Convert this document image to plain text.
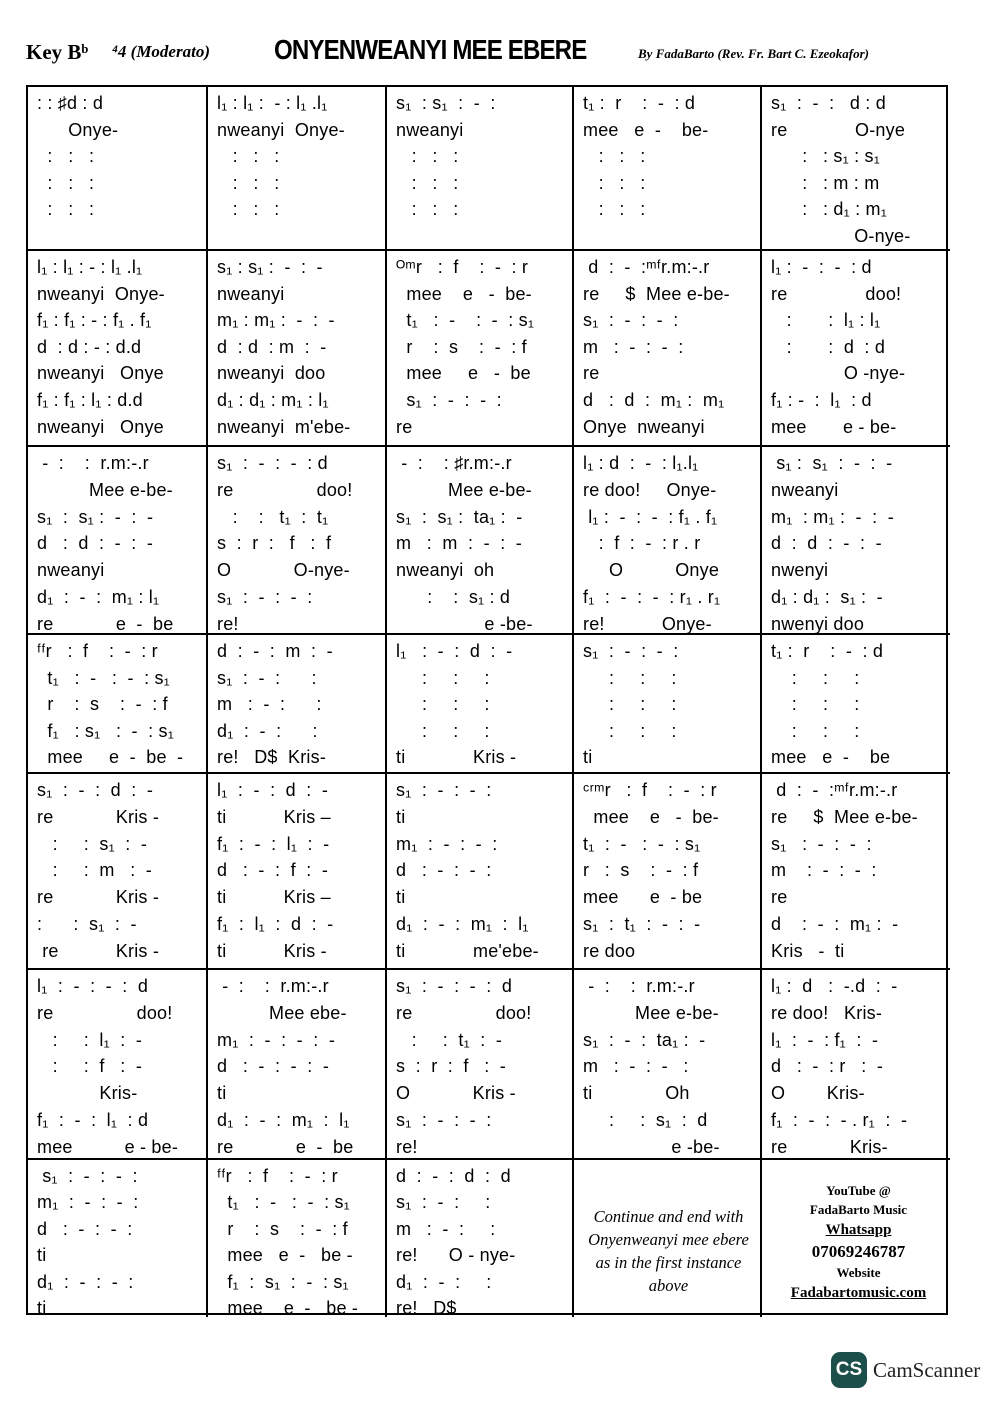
Key Bᵇ ⁴4 (Moderato) ONYENWEANYI MEE EBERE	By FadaBarto (Rev. Fr. Bart C. Ezeokafor)
: : ♯d : d
Onye-
:   :   :
:   :   :
:   :   :
l₁ : l₁ :  - : l₁ .l₁
nweanyi  Onye-
:   :   :
:   :   :
:   :   :
s₁  : s₁  :  -  :
nweanyi
:   :   :
:   :   :
:   :   :
t₁ :  r    :  -  : d
mee   e  -    be-
:   :   :
:   :   :
:   :   :
s₁  :  -  :   d : d
re             O-nye
:   : s₁ : s₁
:   : m : m
:   : d₁ : m₁
O-nye-
l₁ : l₁ : - : l₁ .l₁
nweanyi  Onye-
f₁ : f₁ : - : f₁ . f₁
d  : d : - : d.d
nweanyi   Onye
f₁ : f₁ : l₁ : d.d
nweanyi   Onye
s₁ : s₁ :  -  :  -
nweanyi
m₁ : m₁ :  -  :  -
d  : d  : m  :  -
nweanyi  doo
d₁ : d₁ : m₁ : l₁
nweanyi  m'ebe-
ᴼᵐr   :  f    :  -  : r
mee    e   -  be-
t₁   :  -    :  -  : s₁
r    :  s    :  -  : f
mee     e   -  be
s₁  :  -  :  -  :
re
d  :  -  :ᵐᶠr.m:-.r
re     $  Mee e-be-
s₁  :  -  :  -  :
m   :  -  :  -  :
re
d   :  d  :  m₁ :  m₁
Onye  nweanyi
l₁ :  -  :  -  : d
re               doo!
:       :  l₁ : l₁
:       :  d  : d
O -nye-
f₁ : -  :  l₁  : d
mee       e - be-
-  :    :  r.m:-.r
Mee e-be-
s₁  :  s₁ :  -  :  -
d   :  d  :  -  :  -
nweanyi
d₁  :  -  :  m₁ : l₁
re            e  -  be
s₁  :  -  :  -  : d
re                doo!
:    :   t₁  :  t₁
s  :  r  :   f   :  f
O            O-nye-
s₁  :  -  :  -  :
re!
-  :    : ♯r.m:-.r
Mee e-be-
s₁  :  s₁ :  ta₁ :  -
m   :  m  :  -  :  -
nweanyi  oh
:    :  s₁ : d
e -be-
l₁ : d  :  -  : l₁.l₁
re doo!     Onye-
l₁ :  -  :  -  : f₁ . f₁
:  f  :  -  : r . r
O          Onye
f₁  :  -  :  -  : r₁ . r₁
re!           Onye-
s₁ :  s₁  :  -  :  -
nweanyi
m₁  : m₁ :  -  :  -
d  :  d  :  -  :  -
nwenyi
d₁ : d₁ :  s₁ :  -
nwenyi doo
ᶠᶠr   :  f    :  -  : r
t₁   :  -   :  -  : s₁
r    :  s    :  -  : f
f₁   : s₁   :  -  : s₁
mee     e  -  be  -
d  :  -  :  m  :  -
s₁  :  -  :      :
m   :  -  :      :
d₁  :  -  :      :
re!   D$  Kris-
l₁   :  -  :  d  :  -
:     :     :
:     :     :
:     :     :
ti             Kris -
s₁  :  -  :  -  :
:     :     :
:     :     :
:     :     :
ti
t₁ :  r    :  -  : d
:     :     :
:     :     :
:     :     :
mee   e  -    be
s₁  :  -  :  d  :  -
re            Kris -
:     :  s₁  :  -
:     :  m   :  -
re            Kris -
:      :  s₁  :  -
re           Kris -
l₁  :  -  :  d  :  -
ti           Kris –
f₁  :  -  :  l₁  :  -
d   :  -  :  f  :  -
ti           Kris –
f₁  :  l₁  :  d  :  -
ti           Kris -
s₁  :  -  :  -  :
ti
m₁  :  -  :  -  :
d   :  -  :  -  :
ti
d₁  :  -  :  m₁  :  l₁
ti             me'ebe-
ᶜʳᵐr   :  f    :  -  : r
mee    e   -  be-
t₁  :  -   :  -  : s₁
r   :  s    :  -  : f
mee      e  - be
s₁  :  t₁  :  -  :  -
re doo
d  :  -  :ᵐᶠr.m:-.r
re     $  Mee e-be-
s₁   :  -  :  -  :
m    :  -  :  -  :
re
d    :  -  :  m₁ :  -
Kris   -  ti
l₁  :  -  :  -  :  d
re                doo!
:     :  l₁  :  -
:     :  f   :  -
Kris-
f₁  :  -  :  l₁  : d
mee          e - be-
-  :    :  r.m:-.r
Mee ebe-
m₁  :  -  :  -  :  -
d   :  -  :  -  :  -
ti
d₁  :  -  :  m₁  :  l₁
re            e  -  be
s₁  :  -  :  -  :  d
re                doo!
:     :  t₁  :  -
s  :  r  :  f   :  -
O            Kris -
s₁  :  -  :  -  :
re!
-  :    :  r.m:-.r
Mee e-be-
s₁  :  -  :  ta₁ :  -
m   :  -  :  -   :
ti              Oh
:     :  s₁  :  d
e -be-
l₁ :  d   :  -.d  :  -
re doo!   Kris-
l₁  :  -  : f₁  :  -
d   :  -  : r   :  -
O        Kris-
f₁  :  -  :  - . r₁  :  -
re            Kris-
s₁  :  -  :  -  :
m₁  :  -  :  -  :
d   :  -  :  -  :
ti
d₁  :  -  :  -  :
ti
ᶠᶠr   :  f    :  -  : r
t₁   :  -   :  -  : s₁
r    :  s    :  -  : f
mee   e  -   be -
f₁  :  s₁  :  -  : s₁
mee    e  -   be -
d  :  -  :  d  :  d
s₁  :  -  :     :
m   :  -  :     :
re!      O - nye-
d₁  :  -  :     :
re!   D$
Continue and end with Onyenweanyi mee ebere as in the first instance above
YouTube @
FadaBarto Music
Whatsapp
07069246787
Website
Fadabartomusic.com
CS CamScanner
